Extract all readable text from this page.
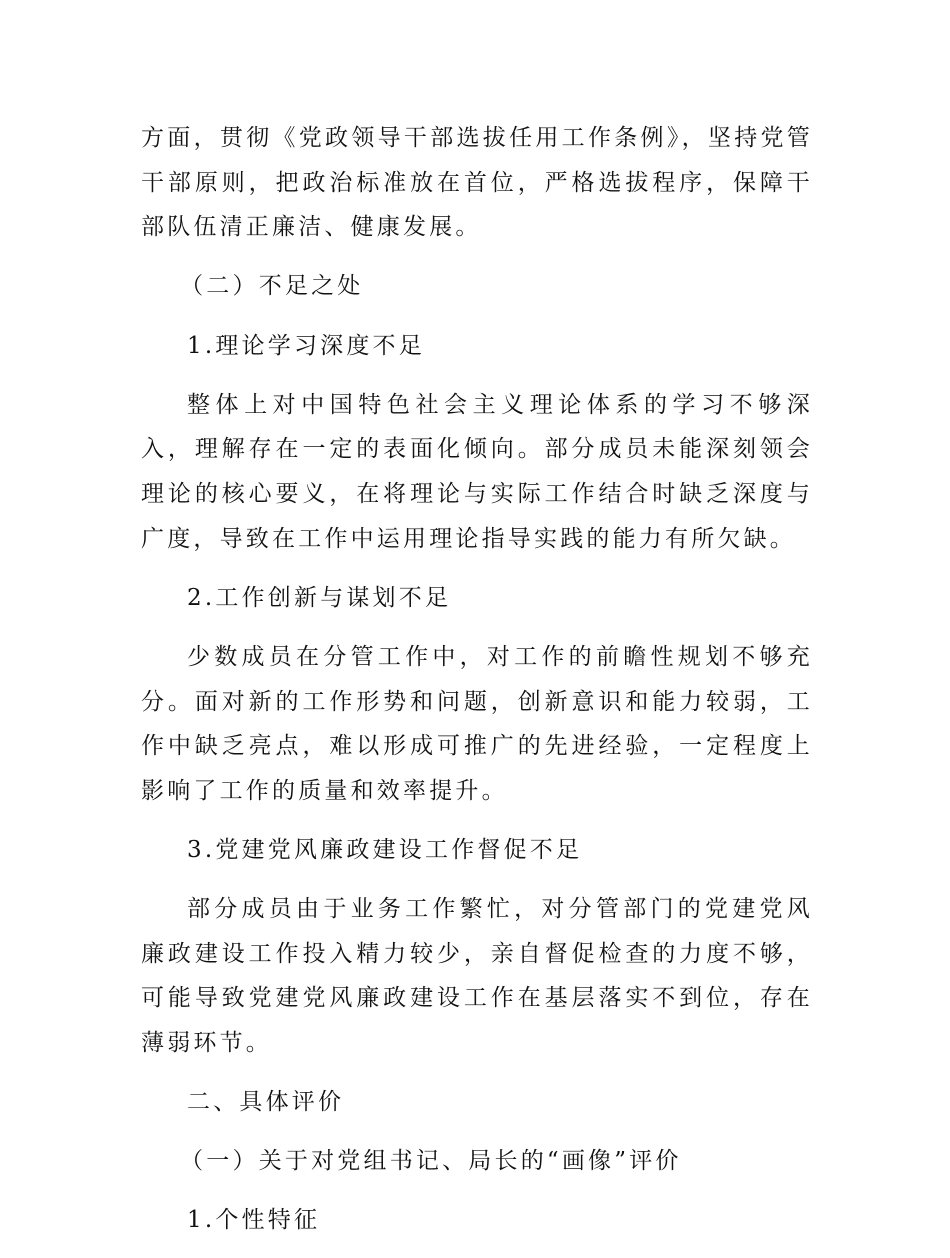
方面，贯彻《党政领导干部选拔任用工作条例》，坚持党管干部原则，把政治标准放在首位，严格选拔程序，保障干部队伍清正廉洁、健康发展。

（二）不足之处

1.理论学习深度不足

整体上对中国特色社会主义理论体系的学习不够深入，理解存在一定的表面化倾向。部分成员未能深刻领会理论的核心要义，在将理论与实际工作结合时缺乏深度与广度，导致在工作中运用理论指导实践的能力有所欠缺。

2.工作创新与谋划不足

少数成员在分管工作中，对工作的前瞻性规划不够充分。面对新的工作形势和问题，创新意识和能力较弱，工作中缺乏亮点，难以形成可推广的先进经验，一定程度上影响了工作的质量和效率提升。

3.党建党风廉政建设工作督促不足

部分成员由于业务工作繁忙，对分管部门的党建党风廉政建设工作投入精力较少，亲自督促检查的力度不够，可能导致党建党风廉政建设工作在基层落实不到位，存在薄弱环节。

二、具体评价

（一）关于对党组书记、局长的“画像”评价

1.个性特征
